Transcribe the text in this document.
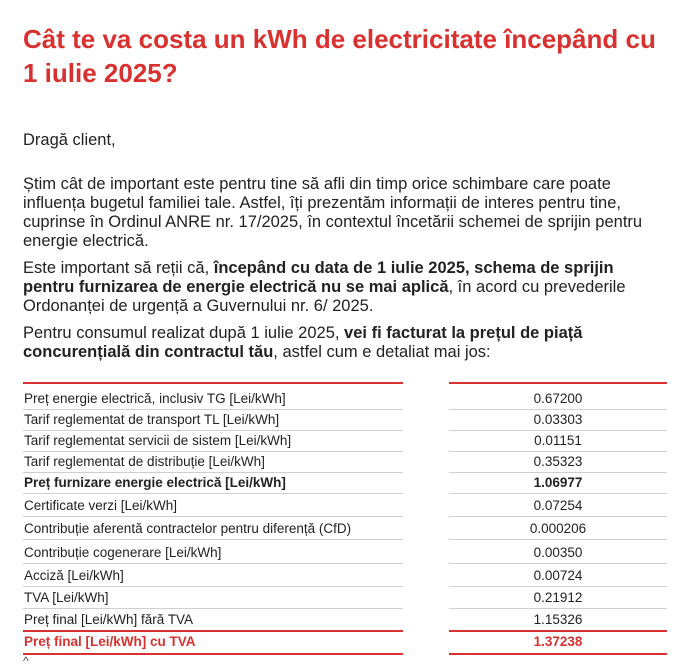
Cât te va costa un kWh de electricitate începând cu 1 iulie 2025?
Dragă client,
Știm cât de important este pentru tine să afli din timp orice schimbare care poate influența bugetul familiei tale. Astfel, îți prezentăm informații de interes pentru tine, cuprinse în Ordinul ANRE nr. 17/2025, în contextul încetării schemei de sprijin pentru energie electrică.
Este important să reții că, începând cu data de 1 iulie 2025, schema de sprijin pentru furnizarea de energie electrică nu se mai aplică, în acord cu prevederile Ordonanței de urgență a Guvernului nr. 6/ 2025.
Pentru consumul realizat după 1 iulie 2025, vei fi facturat la prețul de piață concurențială din contractul tău, astfel cum e detaliat mai jos:
Preț energie electrică, inclusiv TG [Lei/kWh]	0.67200
Tarif reglementat de transport TL [Lei/kWh]	0.03303
Tarif reglementat servicii de sistem [Lei/kWh]	0.01151
Tarif reglementat de distribuție [Lei/kWh]	0.35323
Preț furnizare energie electrică [Lei/kWh]	1.06977
Certificate verzi [Lei/kWh]	0.07254
Contribuție aferentă contractelor pentru diferență (CfD)	0.000206
Contribuție cogenerare [Lei/kWh]	0.00350
Acciză [Lei/kWh]	0.00724
TVA [Lei/kWh]	0.21912
Preț final [Lei/kWh] fără TVA	1.15326
Preț final [Lei/kWh] cu TVA	1.37238
^
